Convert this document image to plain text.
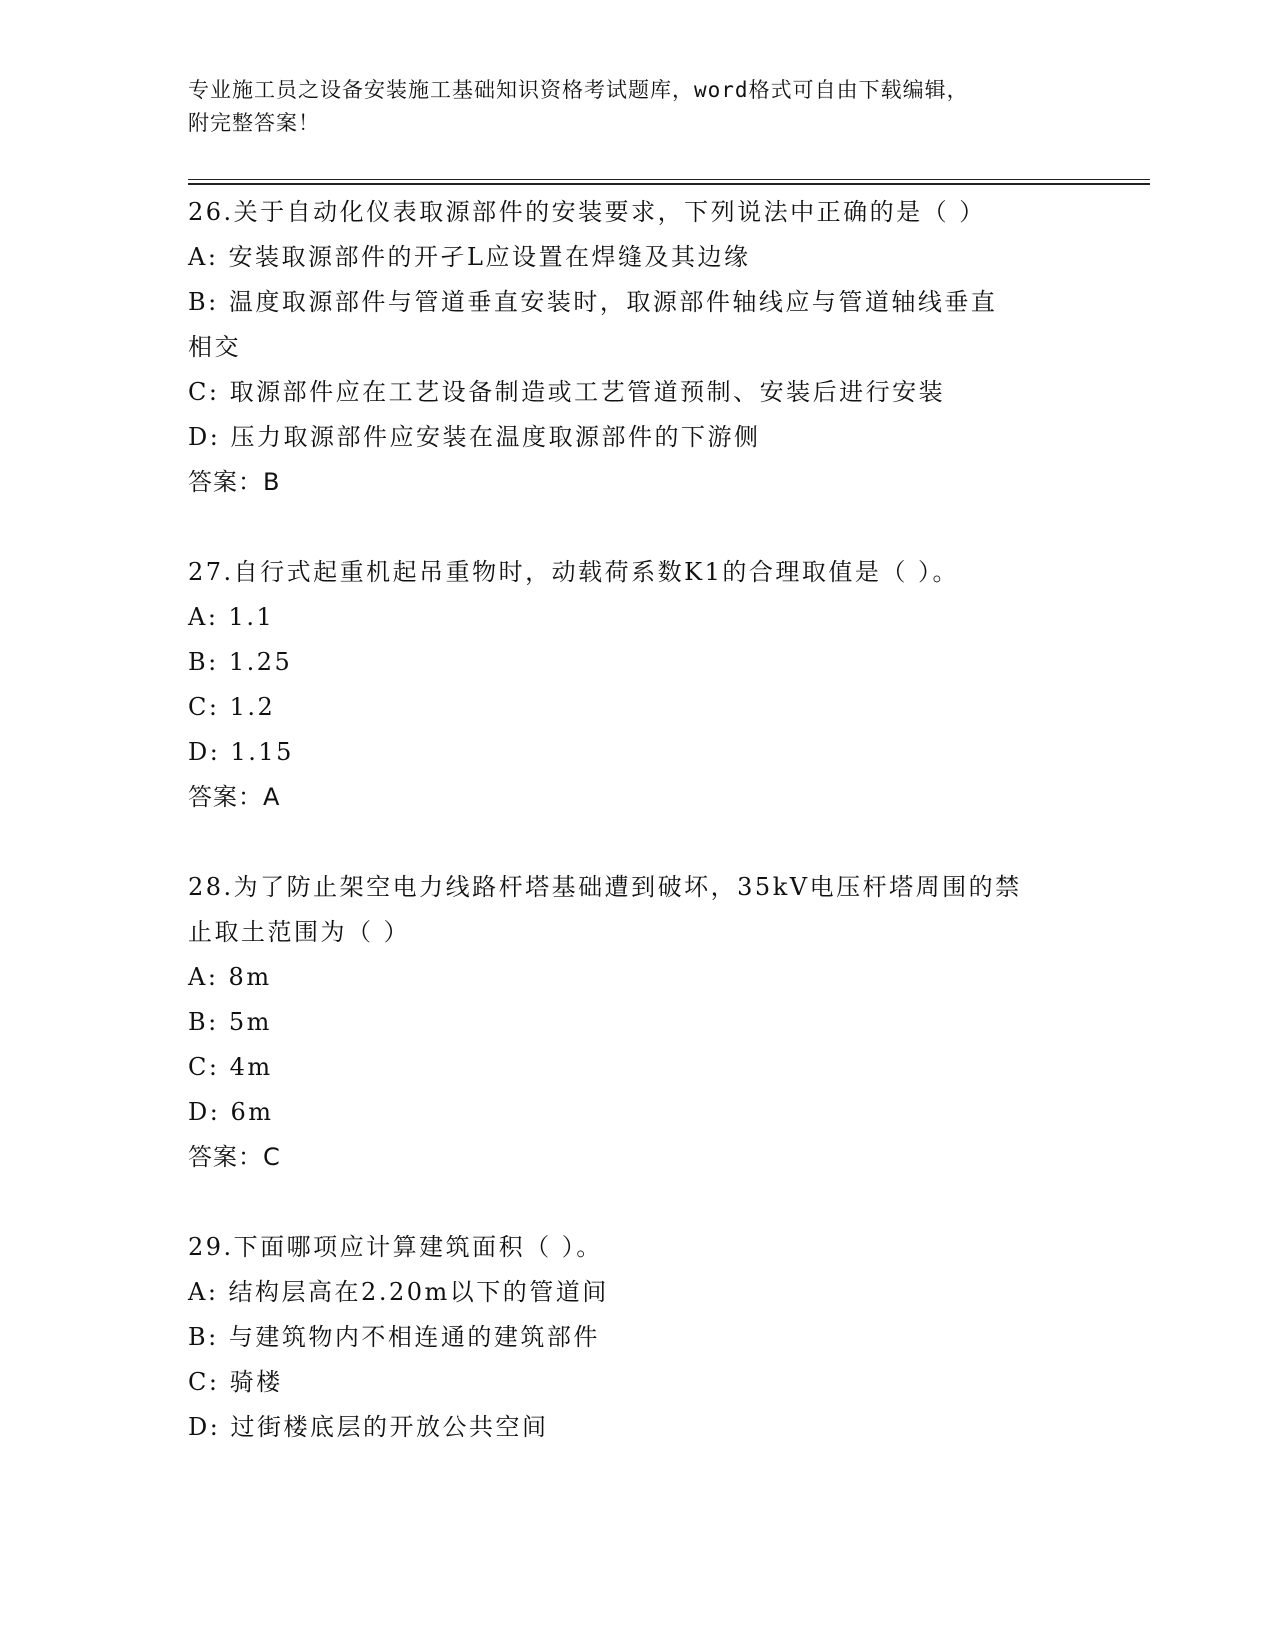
专业施工员之设备安装施工基础知识资格考试题库，word格式可自由下载编辑，
附完整答案！
26.关于自动化仪表取源部件的安装要求，下列说法中正确的是（ ）
A: 安装取源部件的开孑L应设置在焊缝及其边缘
B: 温度取源部件与管道垂直安装时，取源部件轴线应与管道轴线垂直
相交
C: 取源部件应在工艺设备制造或工艺管道预制、安装后进行安装
D: 压力取源部件应安装在温度取源部件的下游侧
答案：B
27.自行式起重机起吊重物时，动载荷系数K1的合理取值是（ ）。
A: 1.1
B: 1.25
C: 1.2
D: 1.15
答案：A
28.为了防止架空电力线路杆塔基础遭到破坏，35kV电压杆塔周围的禁
止取土范围为（ ）
A: 8m
B: 5m
C: 4m
D: 6m
答案：C
29.下面哪项应计算建筑面积（ ）。
A: 结构层高在2.20m以下的管道间
B: 与建筑物内不相连通的建筑部件
C: 骑楼
D: 过街楼底层的开放公共空间
